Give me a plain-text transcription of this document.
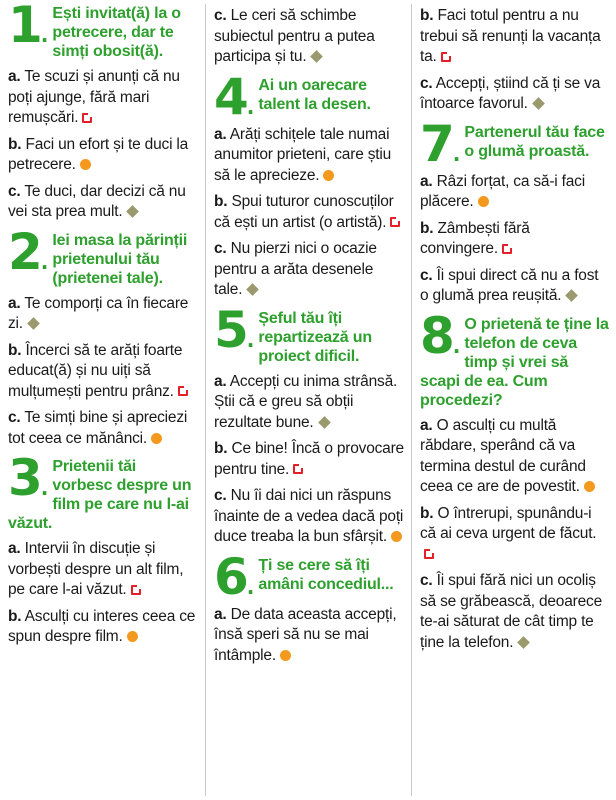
1.
Ești invitat(ă) la o petrecere, dar te simți obosit(ă).

a. Te scuzi și anunți că nu poți ajunge, fără mari remușcări.

b. Faci un efort și te duci la petrecere.

c. Te duci, dar decizi că nu vei sta prea mult.

2.
Iei masa la părinții prietenului tău (prietenei tale).

a. Te comporți ca în fiecare zi.

b. Încerci să te arăți foarte educat(ă) și nu uiți să mulțumești pentru prânz.

c. Te simți bine și apreciezi tot ceea ce mănânci.

3.
Prietenii tăi vorbesc despre un film pe care nu l-ai văzut.

a. Intervii în discuție și vorbești despre un alt film, pe care l-ai văzut.

b. Asculți cu interes ceea ce spun despre film.

c. Le ceri să schimbe subiectul pentru a putea participa și tu.

4.
Ai un oarecare talent la desen.

a. Arăți schițele tale numai anumitor prieteni, care știu să le aprecieze.

b. Spui tuturor cunoscuților că ești un artist (o artistă).

c. Nu pierzi nici o ocazie pentru a arăta desenele tale.

5.
Șeful tău îți repartizează un proiect dificil.

a. Accepți cu inima strânsă. Știi că e greu să obții rezultate bune.

b. Ce bine! Încă o provocare pentru tine.

c. Nu îi dai nici un răspuns înainte de a vedea dacă poți duce treaba la bun sfârșit.

6.
Ți se cere să îți amâni concediul...

a. De data aceasta accepți, însă speri să nu se mai întâmple.

b. Faci totul pentru a nu trebui să renunți la vacanța ta.

c. Accepți, știind că ți se va întoarce favorul.

7.
Partenerul tău face o glumă proastă.

a. Râzi forțat, ca să-i faci plăcere.

b. Zâmbești fără convingere.

c. Îi spui direct că nu a fost o glumă prea reușită.

8.
O prietenă te ține la telefon de ceva timp și vrei să scapi de ea. Cum procedezi?

a. O asculți cu multă răbdare, sperând că va termina destul de curând ceea ce are de povestit.

b. O întrerupi, spunându-i că ai ceva urgent de făcut.

c. Îi spui fără nici un ocoliș să se grăbească, deoarece te-ai săturat de cât timp te ține la telefon.
